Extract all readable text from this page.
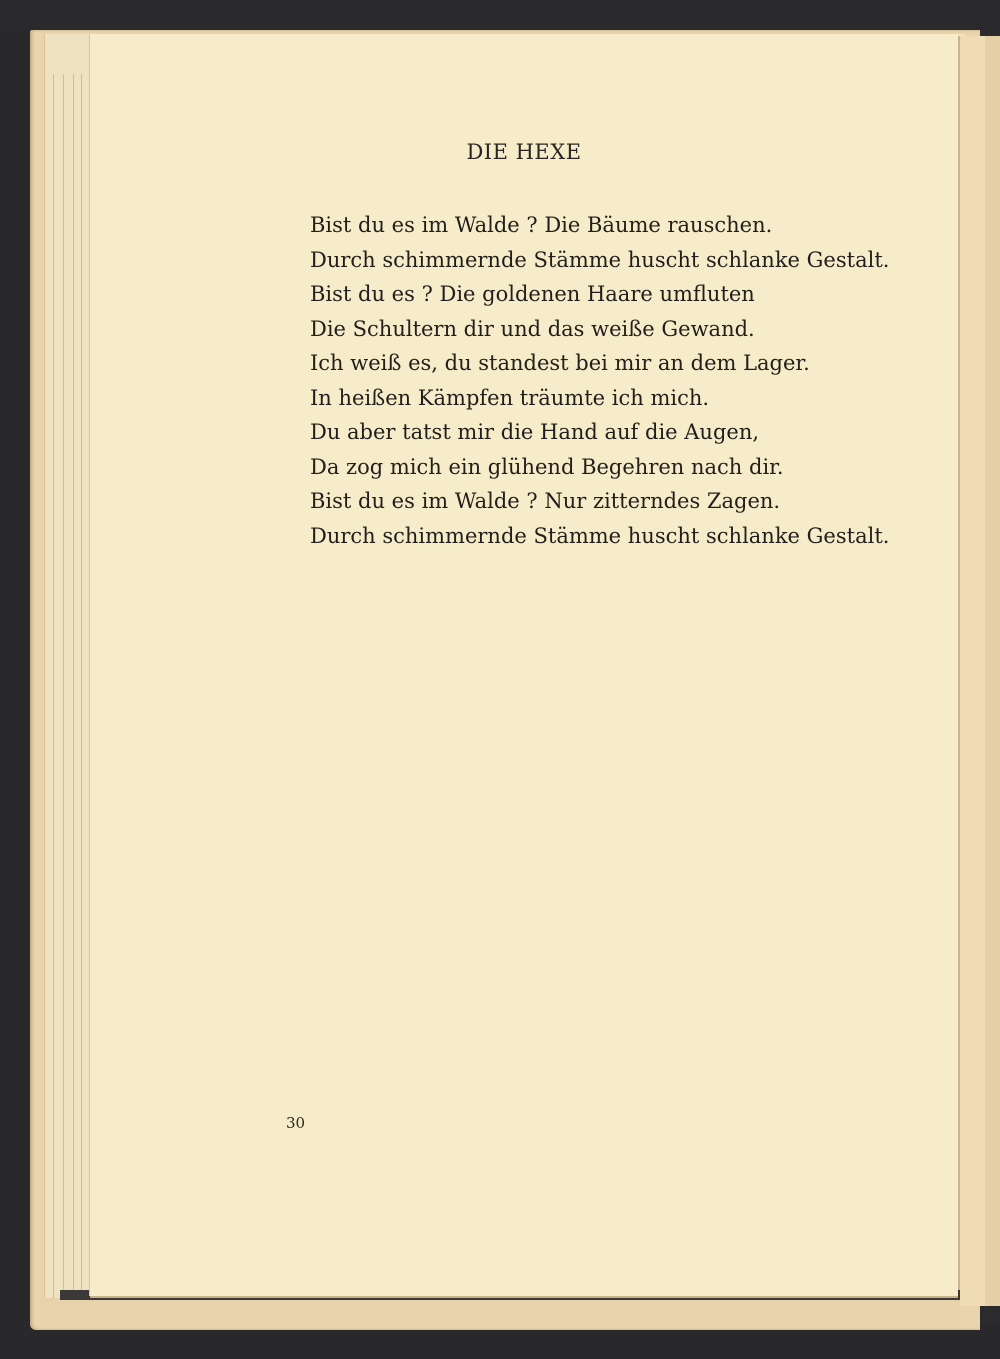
DIE HEXE
Bist du es im Walde ? Die Bäume rauschen.
Durch schimmernde Stämme huscht schlanke Gestalt.
Bist du es ? Die goldenen Haare umfluten
Die Schultern dir und das weiße Gewand.
Ich weiß es, du standest bei mir an dem Lager.
In heißen Kämpfen träumte ich mich.
Du aber tatst mir die Hand auf die Augen,
Da zog mich ein glühend Begehren nach dir.
Bist du es im Walde ? Nur zitterndes Zagen.
Durch schimmernde Stämme huscht schlanke Gestalt.
30
